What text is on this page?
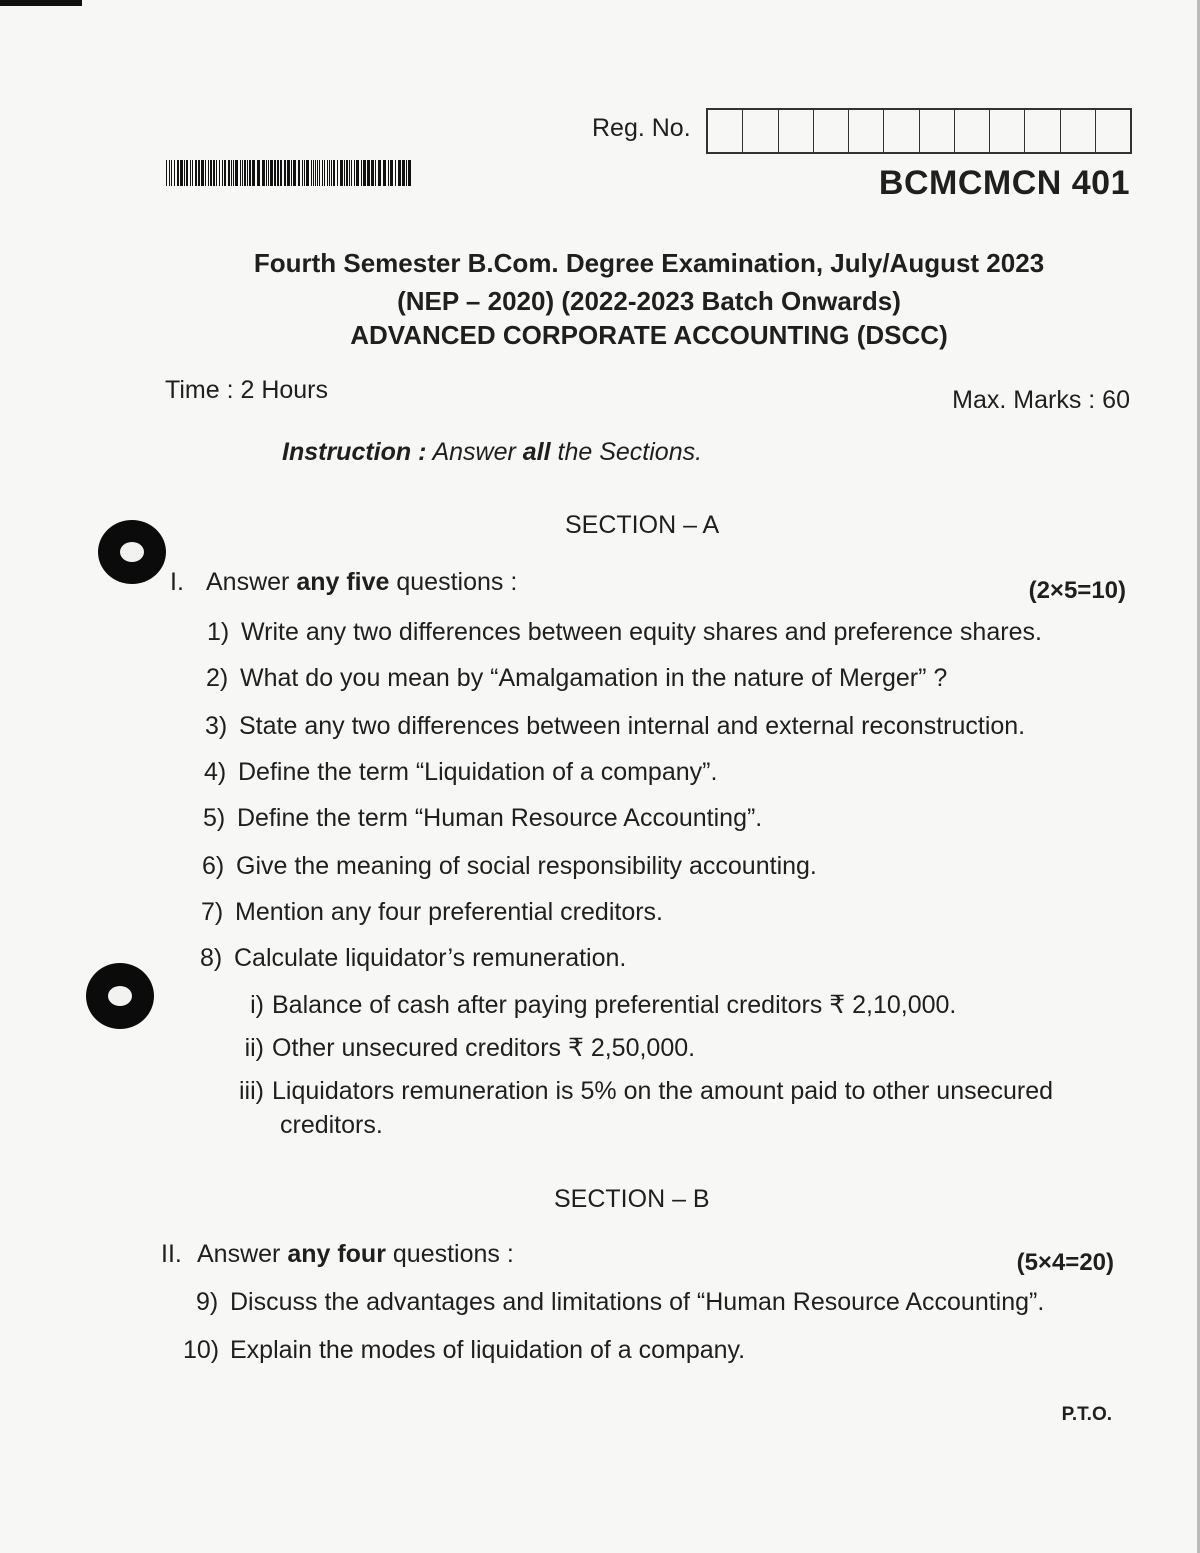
Reg. No.
BCMCMCN 401
Fourth Semester B.Com. Degree Examination, July/August 2023
(NEP – 2020) (2022-2023 Batch Onwards)
ADVANCED CORPORATE ACCOUNTING (DSCC)
Time : 2 Hours	Max. Marks : 60
Instruction : Answer all the Sections.
SECTION – A
I. Answer any five questions :	(2×5=10)
1) Write any two differences between equity shares and preference shares.
2) What do you mean by “Amalgamation in the nature of Merger” ?
3) State any two differences between internal and external reconstruction.
4) Define the term “Liquidation of a company”.
5) Define the term “Human Resource Accounting”.
6) Give the meaning of social responsibility accounting.
7) Mention any four preferential creditors.
8) Calculate liquidator’s remuneration.
i) Balance of cash after paying preferential creditors ₹ 2,10,000.
ii) Other unsecured creditors ₹ 2,50,000.
iii) Liquidators remuneration is 5% on the amount paid to other unsecured
creditors.
SECTION – B
II. Answer any four questions :	(5×4=20)
9) Discuss the advantages and limitations of “Human Resource Accounting”.
10) Explain the modes of liquidation of a company.
P.T.O.
